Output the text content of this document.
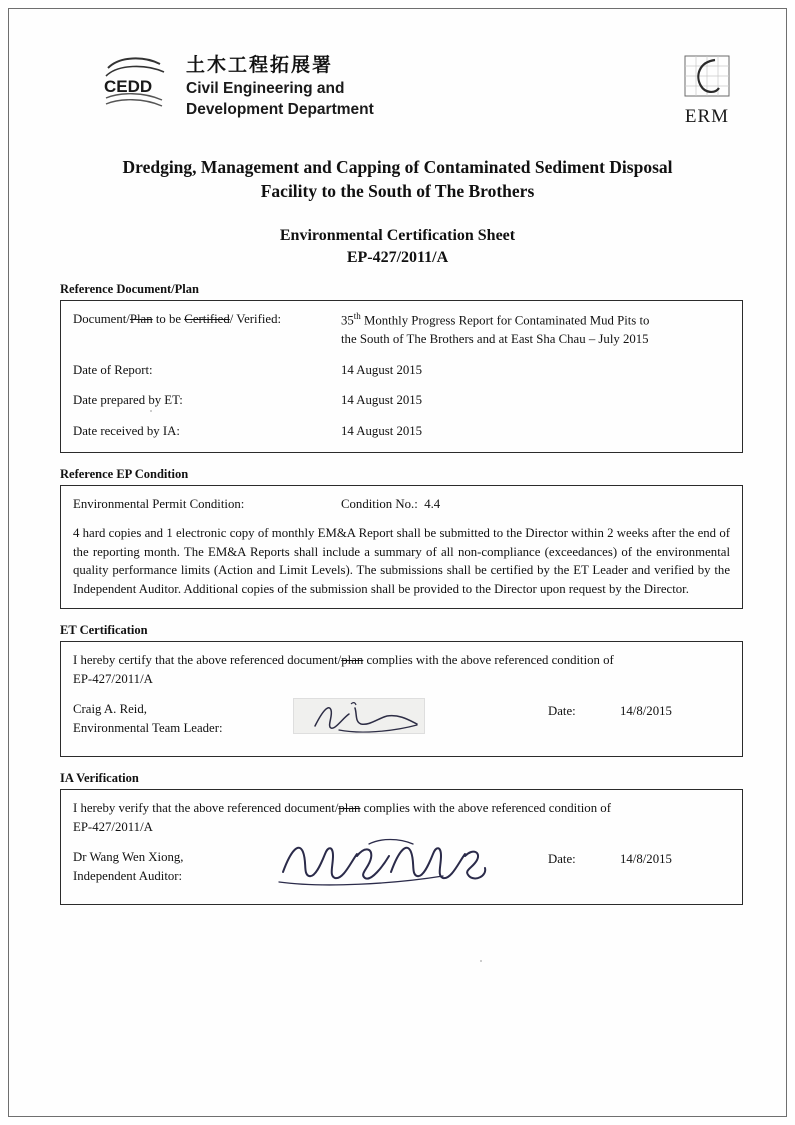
CEDD
土木工程拓展署
Civil Engineering and
Development Department	ERM
Dredging, Management and Capping of Contaminated Sediment Disposal
Facility to the South of The Brothers
Environmental Certification Sheet
EP-427/2011/A
Reference Document/Plan
Document/Plan to be Certified/ Verified:	35th Monthly Progress Report for Contaminated Mud Pits to
the South of The Brothers and at East Sha Chau – July 2015
Date of Report:	14 August 2015
Date prepared by ET:	14 August 2015
Date received by IA:	14 August 2015
Reference EP Condition
Environmental Permit Condition:	Condition No.: 4.4
4 hard copies and 1 electronic copy of monthly EM&A Report shall be submitted to the Director within 2 weeks after the end of the reporting month. The EM&A Reports shall include a summary of all non-compliance (exceedances) of the environmental quality performance limits (Action and Limit Levels). The submissions shall be certified by the ET Leader and verified by the Independent Auditor. Additional copies of the submission shall be provided to the Director upon request by the Director.
ET Certification
I hereby certify that the above referenced document/plan complies with the above referenced condition of
EP-427/2011/A
Craig A. Reid,
Environmental Team Leader:
Date:	14/8/2015
IA Verification
I hereby verify that the above referenced document/plan complies with the above referenced condition of
EP-427/2011/A
Dr Wang Wen Xiong,
Independent Auditor:
Date:	14/8/2015
